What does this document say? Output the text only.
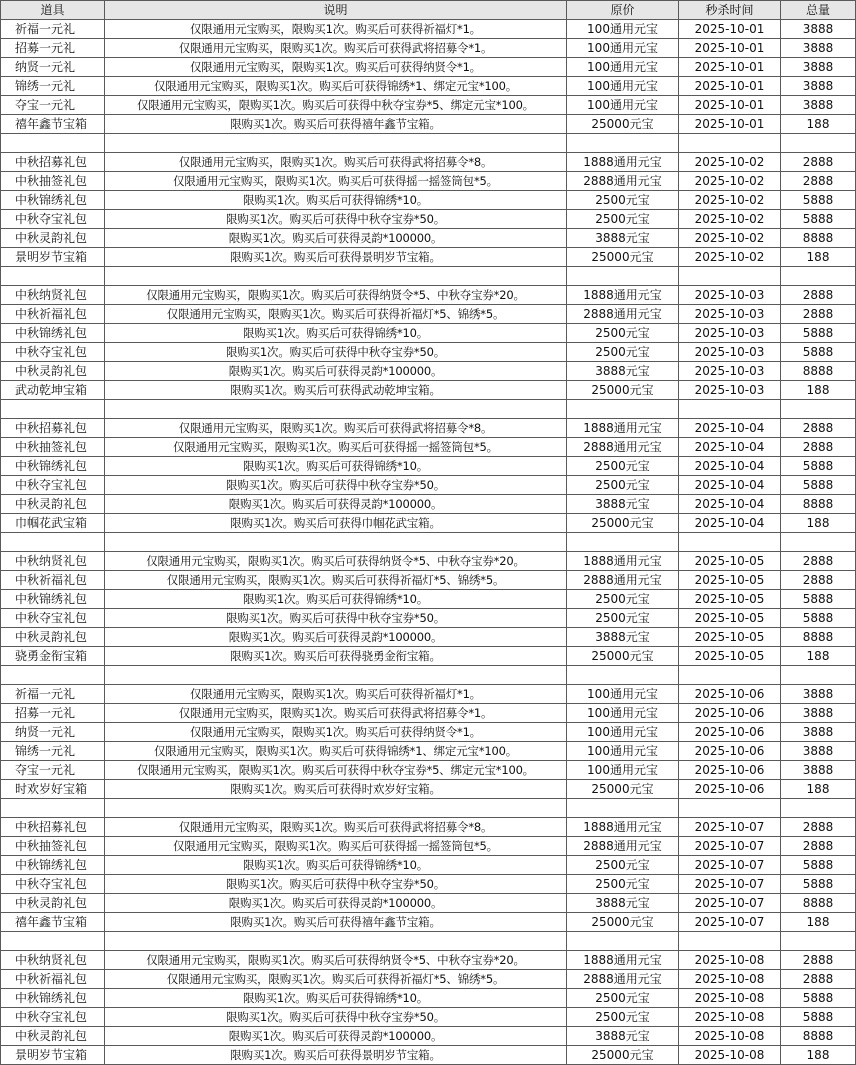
道具	说明	原价	秒杀时间	总量
祈福一元礼	仅限通用元宝购买，限购买1次。购买后可获得祈福灯*1。	100通用元宝	2025-10-01	3888
招募一元礼	仅限通用元宝购买，限购买1次。购买后可获得武将招募令*1。	100通用元宝	2025-10-01	3888
纳贤一元礼	仅限通用元宝购买，限购买1次。购买后可获得纳贤令*1。	100通用元宝	2025-10-01	3888
锦绣一元礼	仅限通用元宝购买，限购买1次。购买后可获得锦绣*1、绑定元宝*100。	100通用元宝	2025-10-01	3888
夺宝一元礼	仅限通用元宝购买，限购买1次。购买后可获得中秋夺宝券*5、绑定元宝*100。	100通用元宝	2025-10-01	3888
禧年鑫节宝箱	限购买1次。购买后可获得禧年鑫节宝箱。	25000元宝	2025-10-01	188

中秋招募礼包	仅限通用元宝购买，限购买1次。购买后可获得武将招募令*8。	1888通用元宝	2025-10-02	2888
中秋抽签礼包	仅限通用元宝购买，限购买1次。购买后可获得摇一摇签筒包*5。	2888通用元宝	2025-10-02	2888
中秋锦绣礼包	限购买1次。购买后可获得锦绣*10。	2500元宝	2025-10-02	5888
中秋夺宝礼包	限购买1次。购买后可获得中秋夺宝券*50。	2500元宝	2025-10-02	5888
中秋灵韵礼包	限购买1次。购买后可获得灵韵*100000。	3888元宝	2025-10-02	8888
景明岁节宝箱	限购买1次。购买后可获得景明岁节宝箱。	25000元宝	2025-10-02	188

中秋纳贤礼包	仅限通用元宝购买，限购买1次。购买后可获得纳贤令*5、中秋夺宝券*20。	1888通用元宝	2025-10-03	2888
中秋祈福礼包	仅限通用元宝购买，限购买1次。购买后可获得祈福灯*5、锦绣*5。	2888通用元宝	2025-10-03	2888
中秋锦绣礼包	限购买1次。购买后可获得锦绣*10。	2500元宝	2025-10-03	5888
中秋夺宝礼包	限购买1次。购买后可获得中秋夺宝券*50。	2500元宝	2025-10-03	5888
中秋灵韵礼包	限购买1次。购买后可获得灵韵*100000。	3888元宝	2025-10-03	8888
武动乾坤宝箱	限购买1次。购买后可获得武动乾坤宝箱。	25000元宝	2025-10-03	188

中秋招募礼包	仅限通用元宝购买，限购买1次。购买后可获得武将招募令*8。	1888通用元宝	2025-10-04	2888
中秋抽签礼包	仅限通用元宝购买，限购买1次。购买后可获得摇一摇签筒包*5。	2888通用元宝	2025-10-04	2888
中秋锦绣礼包	限购买1次。购买后可获得锦绣*10。	2500元宝	2025-10-04	5888
中秋夺宝礼包	限购买1次。购买后可获得中秋夺宝券*50。	2500元宝	2025-10-04	5888
中秋灵韵礼包	限购买1次。购买后可获得灵韵*100000。	3888元宝	2025-10-04	8888
巾帼花武宝箱	限购买1次。购买后可获得巾帼花武宝箱。	25000元宝	2025-10-04	188

中秋纳贤礼包	仅限通用元宝购买，限购买1次。购买后可获得纳贤令*5、中秋夺宝券*20。	1888通用元宝	2025-10-05	2888
中秋祈福礼包	仅限通用元宝购买，限购买1次。购买后可获得祈福灯*5、锦绣*5。	2888通用元宝	2025-10-05	2888
中秋锦绣礼包	限购买1次。购买后可获得锦绣*10。	2500元宝	2025-10-05	5888
中秋夺宝礼包	限购买1次。购买后可获得中秋夺宝券*50。	2500元宝	2025-10-05	5888
中秋灵韵礼包	限购买1次。购买后可获得灵韵*100000。	3888元宝	2025-10-05	8888
骁勇金衔宝箱	限购买1次。购买后可获得骁勇金衔宝箱。	25000元宝	2025-10-05	188

祈福一元礼	仅限通用元宝购买，限购买1次。购买后可获得祈福灯*1。	100通用元宝	2025-10-06	3888
招募一元礼	仅限通用元宝购买，限购买1次。购买后可获得武将招募令*1。	100通用元宝	2025-10-06	3888
纳贤一元礼	仅限通用元宝购买，限购买1次。购买后可获得纳贤令*1。	100通用元宝	2025-10-06	3888
锦绣一元礼	仅限通用元宝购买，限购买1次。购买后可获得锦绣*1、绑定元宝*100。	100通用元宝	2025-10-06	3888
夺宝一元礼	仅限通用元宝购买，限购买1次。购买后可获得中秋夺宝券*5、绑定元宝*100。	100通用元宝	2025-10-06	3888
时欢岁好宝箱	限购买1次。购买后可获得时欢岁好宝箱。	25000元宝	2025-10-06	188

中秋招募礼包	仅限通用元宝购买，限购买1次。购买后可获得武将招募令*8。	1888通用元宝	2025-10-07	2888
中秋抽签礼包	仅限通用元宝购买，限购买1次。购买后可获得摇一摇签筒包*5。	2888通用元宝	2025-10-07	2888
中秋锦绣礼包	限购买1次。购买后可获得锦绣*10。	2500元宝	2025-10-07	5888
中秋夺宝礼包	限购买1次。购买后可获得中秋夺宝券*50。	2500元宝	2025-10-07	5888
中秋灵韵礼包	限购买1次。购买后可获得灵韵*100000。	3888元宝	2025-10-07	8888
禧年鑫节宝箱	限购买1次。购买后可获得禧年鑫节宝箱。	25000元宝	2025-10-07	188

中秋纳贤礼包	仅限通用元宝购买，限购买1次。购买后可获得纳贤令*5、中秋夺宝券*20。	1888通用元宝	2025-10-08	2888
中秋祈福礼包	仅限通用元宝购买，限购买1次。购买后可获得祈福灯*5、锦绣*5。	2888通用元宝	2025-10-08	2888
中秋锦绣礼包	限购买1次。购买后可获得锦绣*10。	2500元宝	2025-10-08	5888
中秋夺宝礼包	限购买1次。购买后可获得中秋夺宝券*50。	2500元宝	2025-10-08	5888
中秋灵韵礼包	限购买1次。购买后可获得灵韵*100000。	3888元宝	2025-10-08	8888
景明岁节宝箱	限购买1次。购买后可获得景明岁节宝箱。	25000元宝	2025-10-08	188
